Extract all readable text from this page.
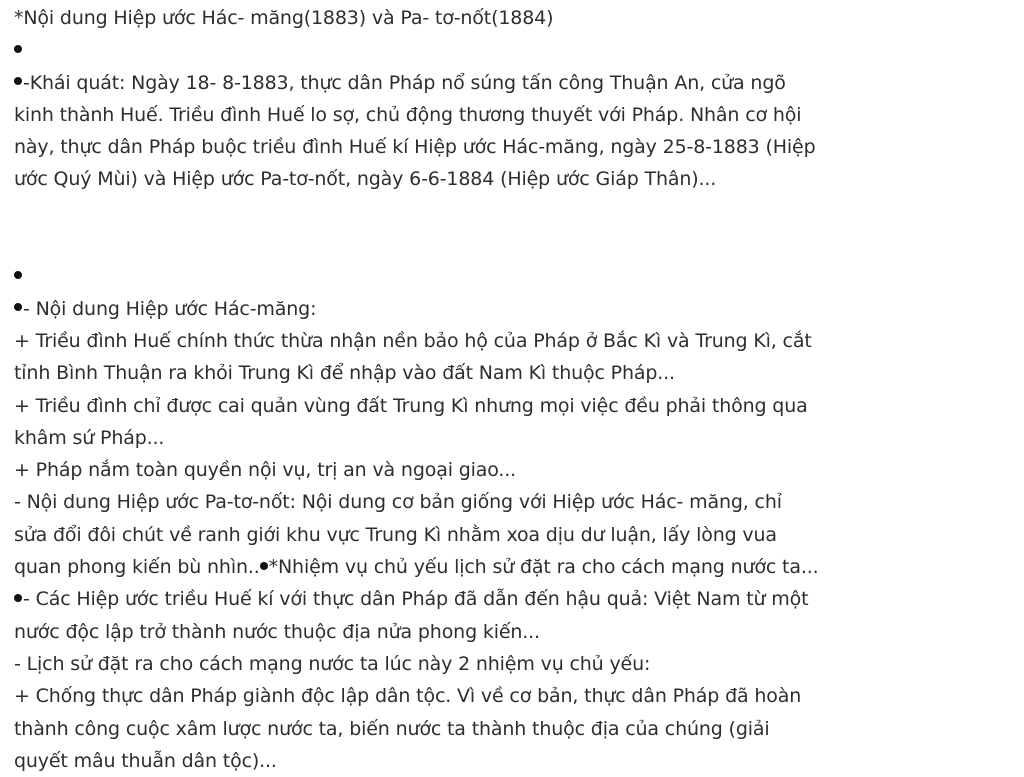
*Nội dung Hiệp ước Hác- măng(1883) và Pa- tơ-nốt(1884)
-Khái quát: Ngày 18- 8-1883, thực dân Pháp nổ súng tấn công Thuận An, cửa ngõ
kinh thành Huế. Triều đình Huế lo sợ, chủ động thương thuyết với Pháp. Nhân cơ hội
này, thực dân Pháp buộc triều đình Huế kí Hiệp ước Hác-măng, ngày 25-8-1883 (Hiệp
ước Quý Mùi) và Hiệp ước Pa-tơ-nốt, ngày 6-6-1884 (Hiệp ước Giáp Thân)...
- Nội dung Hiệp ước Hác-măng:
+ Triều đình Huế chính thức thừa nhận nền bảo hộ của Pháp ở Bắc Kì và Trung Kì, cắt
tỉnh Bình Thuận ra khỏi Trung Kì để nhập vào đất Nam Kì thuộc Pháp...
+ Triều đình chỉ được cai quản vùng đất Trung Kì nhưng mọi việc đều phải thông qua
khâm sứ Pháp...
+ Pháp nắm toàn quyền nội vụ, trị an và ngoại giao...
- Nội dung Hiệp ước Pa-tơ-nốt: Nội dung cơ bản giống với Hiệp ước Hác- măng, chỉ
sửa đổi đôi chút về ranh giới khu vực Trung Kì nhằm xoa dịu dư luận, lấy lòng vua
quan phong kiến bù nhìn.. *Nhiệm vụ chủ yếu lịch sử đặt ra cho cách mạng nước ta...
- Các Hiệp ước triều Huế kí với thực dân Pháp đã dẫn đến hậu quả: Việt Nam từ một
nước độc lập trở thành nước thuộc địa nửa phong kiến...
- Lịch sử đặt ra cho cách mạng nước ta lúc này 2 nhiệm vụ chủ yếu:
+ Chống thực dân Pháp giành độc lập dân tộc. Vì về cơ bản, thực dân Pháp đã hoàn
thành công cuộc xâm lược nước ta, biến nước ta thành thuộc địa của chúng (giải
quyết mâu thuẫn dân tộc)...
